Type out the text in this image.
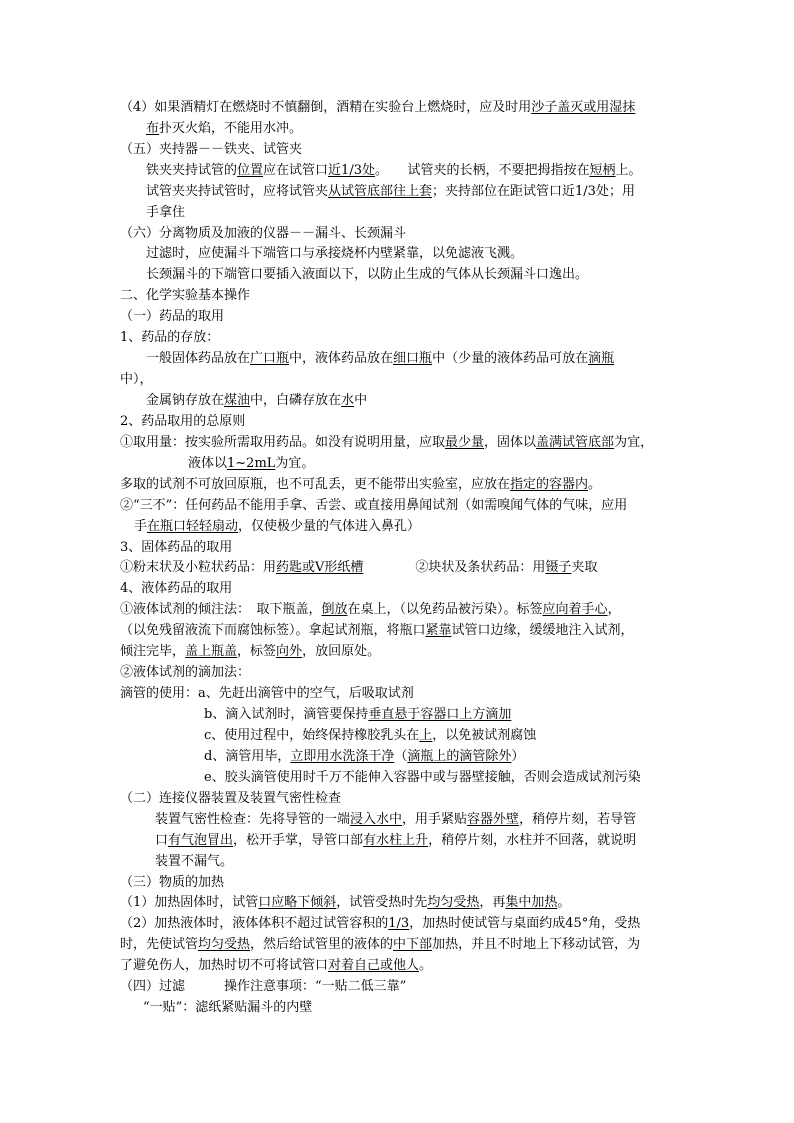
（4）如果酒精灯在燃烧时不慎翻倒，酒精在实验台上燃烧时，应及时用沙子盖灭或用湿抹
布扑灭火焰，不能用水冲。
（五）夹持器－－铁夹、试管夹
铁夹夹持试管的位置应在试管口近1/3处。　　试管夹的长柄，不要把拇指按在短柄上。
试管夹夹持试管时，应将试管夹从试管底部往上套；夹持部位在距试管口近1/3处；用
手拿住
（六）分离物质及加液的仪器－－漏斗、长颈漏斗
过滤时，应使漏斗下端管口与承接烧杯内壁紧靠，以免滤液飞溅。
长颈漏斗的下端管口要插入液面以下，以防止生成的气体从长颈漏斗口逸出。
二、化学实验基本操作
（一）药品的取用
1、药品的存放：
一般固体药品放在广口瓶中，液体药品放在细口瓶中（少量的液体药品可放在滴瓶
中），
金属钠存放在煤油中，白磷存放在水中
2、药品取用的总原则
①取用量：按实验所需取用药品。如没有说明用量，应取最少量，固体以盖满试管底部为宜，
液体以1~2mL为宜。
多取的试剂不可放回原瓶，也不可乱丢，更不能带出实验室，应放在指定的容器内。
②“三不”：任何药品不能用手拿、舌尝、或直接用鼻闻试剂（如需嗅闻气体的气味，应用
手在瓶口轻轻扇动，仅使极少量的气体进入鼻孔）
3、固体药品的取用
①粉末状及小粒状药品：用药匙或V形纸槽　　　　②块状及条状药品：用镊子夹取
4、液体药品的取用
①液体试剂的倾注法：　取下瓶盖，倒放在桌上，（以免药品被污染）。标签应向着手心，
（以免残留液流下而腐蚀标签）。拿起试剂瓶，将瓶口紧靠试管口边缘，缓缓地注入试剂，
倾注完毕，盖上瓶盖，标签向外，放回原处。
②液体试剂的滴加法：
滴管的使用：a、先赶出滴管中的空气，后吸取试剂
b、滴入试剂时，滴管要保持垂直悬于容器口上方滴加
c、使用过程中，始终保持橡胶乳头在上，以免被试剂腐蚀
d、滴管用毕，立即用水洗涤干净（滴瓶上的滴管除外）
e、胶头滴管使用时千万不能伸入容器中或与器壁接触，否则会造成试剂污染
（二）连接仪器装置及装置气密性检查
装置气密性检查：先将导管的一端浸入水中，用手紧贴容器外壁，稍停片刻，若导管
口有气泡冒出，松开手掌，导管口部有水柱上升，稍停片刻，水柱并不回落，就说明
装置不漏气。
（三）物质的加热
（1）加热固体时，试管口应略下倾斜，试管受热时先均匀受热，再集中加热。
（2）加热液体时，液体体积不超过试管容积的1/3，加热时使试管与桌面约成45°角，受热
时，先使试管均匀受热，然后给试管里的液体的中下部加热，并且不时地上下移动试管，为
了避免伤人，加热时切不可将试管口对着自己或他人。
（四）过滤　　　操作注意事项：“一贴二低三靠”
“一贴”：滤纸紧贴漏斗的内壁
